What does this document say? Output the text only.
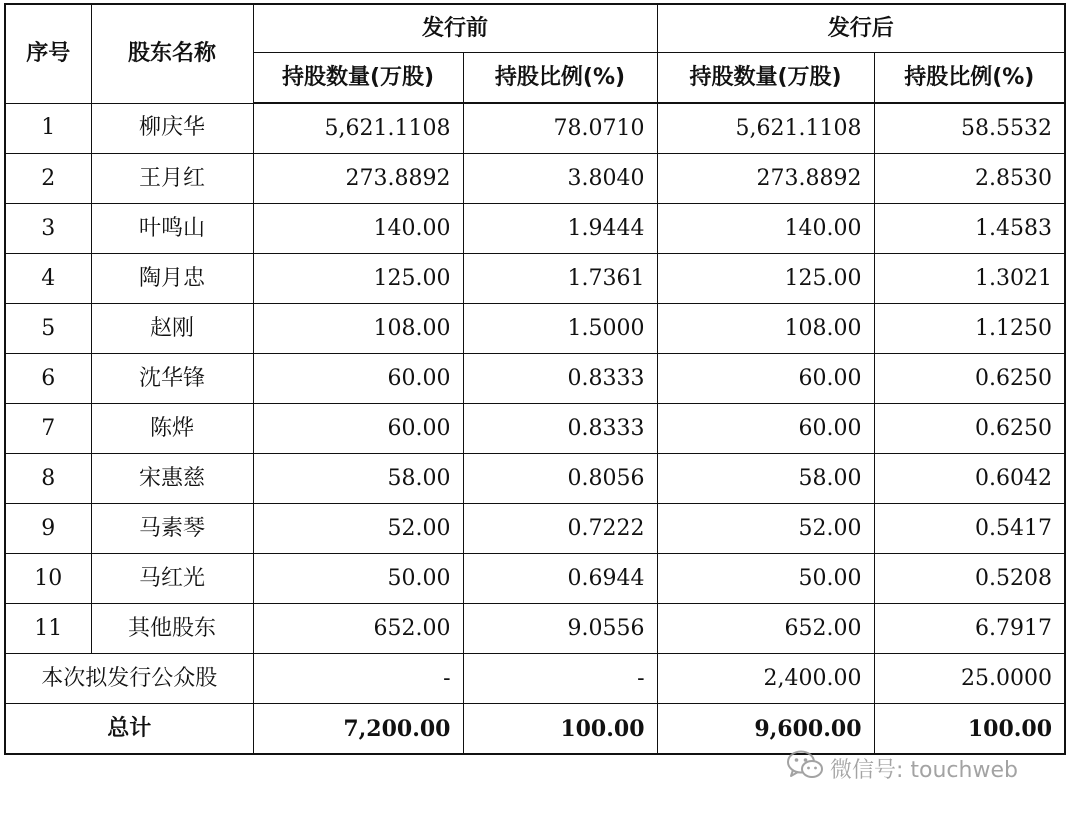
序号	股东名称	发行前		发行后	
		持股数量(万股)	持股比例(%)	持股数量(万股)	持股比例(%)
1	柳庆华	5,621.1108	78.0710	5,621.1108	58.5532
2	王月红	273.8892	3.8040	273.8892	2.8530
3	叶鸣山	140.00	1.9444	140.00	1.4583
4	陶月忠	125.00	1.7361	125.00	1.3021
5	赵刚	108.00	1.5000	108.00	1.1250
6	沈华锋	60.00	0.8333	60.00	0.6250
7	陈烨	60.00	0.8333	60.00	0.6250
8	宋惠慈	58.00	0.8056	58.00	0.6042
9	马素琴	52.00	0.7222	52.00	0.5417
10	马红光	50.00	0.6944	50.00	0.5208
11	其他股东	652.00	9.0556	652.00	6.7917
本次拟发行公众股		-	-	2,400.00	25.0000
总计		7,200.00	100.00	9,600.00	100.00
微信号: touchweb
